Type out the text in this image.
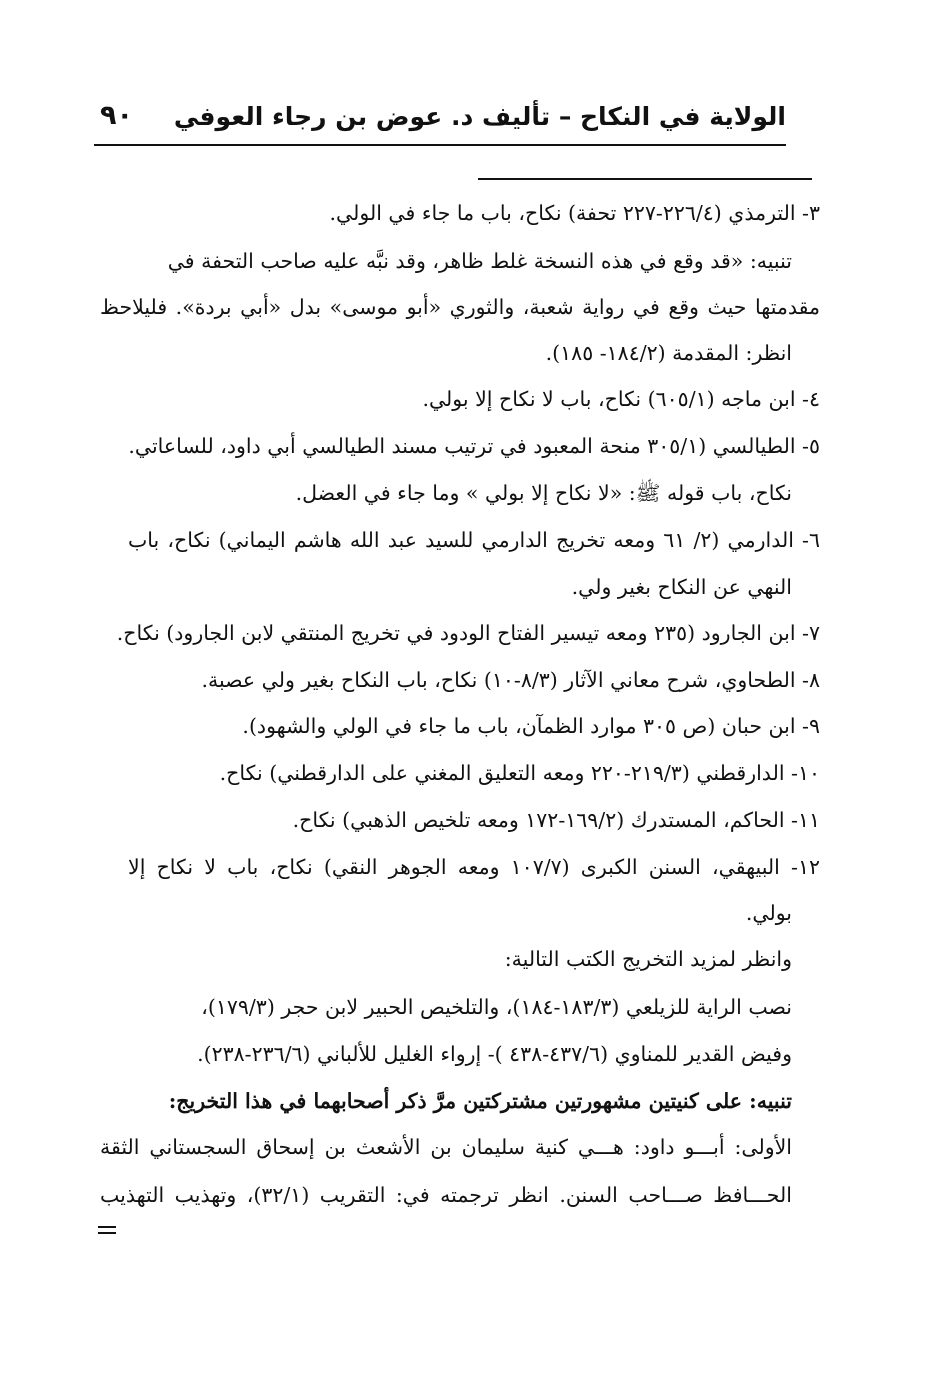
الولاية في النكاح – تأليف د. عوض بن رجاء العوفي
٩٠
٣- الترمذي (٢٢٦/٤-٢٢٧ تحفة) نكاح، باب ما جاء في الولي.
تنبيه: «قد وقع في هذه النسخة غلط ظاهر، وقد نبَّه عليه صاحب التحفة في
مقدمتها حيث وقع في رواية شعبة، والثوري «أبو موسى» بدل «أبي بردة». فليلاحظ
انظر: المقدمة (١٨٤/٢- ١٨٥).
٤- ابن ماجه (٦٠٥/١) نكاح، باب لا نكاح إلا بولي.
٥- الطيالسي (٣٠٥/١ منحة المعبود في ترتيب مسند الطيالسي أبي داود، للساعاتي.
نكاح، باب قوله ﷺ: «لا نكاح إلا بولي » وما جاء في العضل.
٦- الدارمي (٢/ ٦١ ومعه تخريج الدارمي للسيد عبد الله هاشم اليماني) نكاح، باب
النهي عن النكاح بغير ولي.
٧- ابن الجارود (٢٣٥ ومعه تيسير الفتاح الودود في تخريج المنتقي لابن الجارود) نكاح.
٨- الطحاوي، شرح معاني الآثار (٨/٣-١٠) نكاح، باب النكاح بغير ولي عصبة.
٩- ابن حبان (ص ٣٠٥ موارد الظمآن، باب ما جاء في الولي والشهود).
١٠- الدارقطني (٢١٩/٣-٢٢٠ ومعه التعليق المغني على الدارقطني) نكاح.
١١- الحاكم، المستدرك (١٦٩/٢-١٧٢ ومعه تلخيص الذهبي) نكاح.
١٢- البيهقي، السنن الكبرى (١٠٧/٧ ومعه الجوهر النقي) نكاح، باب لا نكاح إلا
بولي.
وانظر لمزيد التخريج الكتب التالية:
نصب الراية للزيلعي (١٨٣/٣-١٨٤)، والتلخيص الحبير لابن حجر (١٧٩/٣)،
وفيض القدير للمناوي (٤٣٧/٦-٤٣٨ )- إرواء الغليل للألباني (٢٣٦/٦-٢٣٨).
تنبيه: على كنيتين مشهورتين مشتركتين مرَّ ذكر أصحابهما في هذا التخريج:
الأولى: أبـــو داود: هـــي كنية سليمان بن الأشعث بن إسحاق السجستاني الثقة
الحـــافظ صـــاحب السنن. انظر ترجمته في: التقريب (٣٢/١)، وتهذيب التهذيب
